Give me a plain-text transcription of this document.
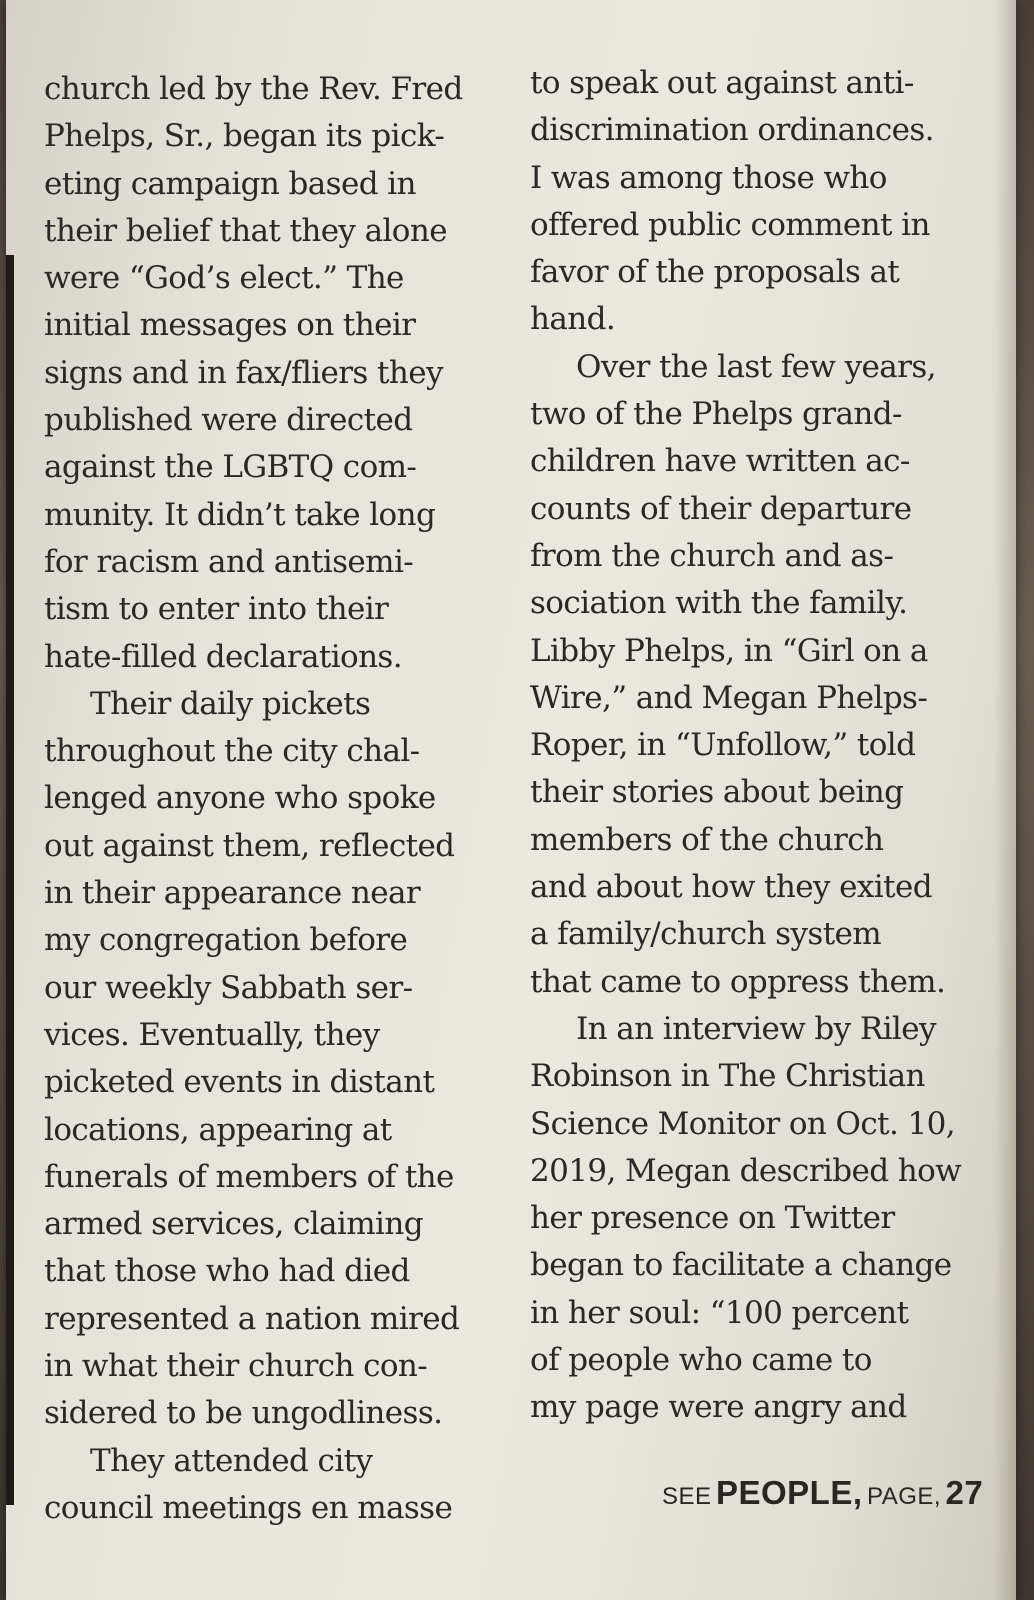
church led by the Rev. Fred
Phelps, Sr., began its pick-
eting campaign based in
their belief that they alone
were “God’s elect.” The
initial messages on their
signs and in fax/fliers they
published were directed
against the LGBTQ com-
munity. It didn’t take long
for racism and antisemi-
tism to enter into their
hate-filled declarations.
Their daily pickets
throughout the city chal-
lenged anyone who spoke
out against them, reflected
in their appearance near
my congregation before
our weekly Sabbath ser-
vices. Eventually, they
picketed events in distant
locations, appearing at
funerals of members of the
armed services, claiming
that those who had died
represented a nation mired
in what their church con-
sidered to be ungodliness.
They attended city
council meetings en masse
to speak out against anti-
discrimination ordinances.
I was among those who
offered public comment in
favor of the proposals at
hand.
Over the last few years,
two of the Phelps grand-
children have written ac-
counts of their departure
from the church and as-
sociation with the family.
Libby Phelps, in “Girl on a
Wire,” and Megan Phelps-
Roper, in “Unfollow,” told
their stories about being
members of the church
and about how they exited
a family/church system
that came to oppress them.
In an interview by Riley
Robinson in The Christian
Science Monitor on Oct. 10,
2019, Megan described how
her presence on Twitter
began to facilitate a change
in her soul: “100 percent
of people who came to
my page were angry and
SEE PEOPLE, PAGE, 27
